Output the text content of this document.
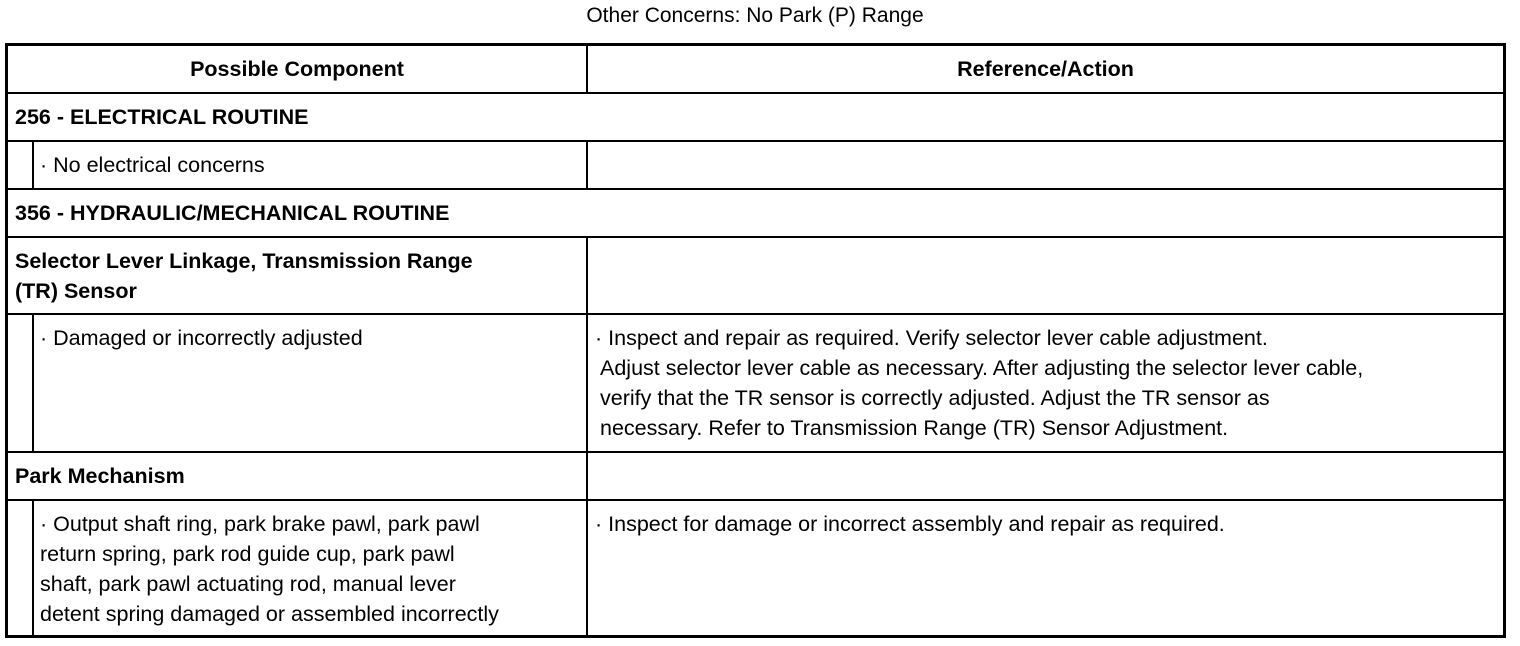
Other Concerns: No Park (P) Range
Possible Component	Reference/Action
256 - ELECTRICAL ROUTINE
· No electrical concerns
356 - HYDRAULIC/MECHANICAL ROUTINE
Selector Lever Linkage, Transmission Range
(TR) Sensor
· Damaged or incorrectly adjusted	· Inspect and repair as required. Verify selector lever cable adjustment.
Adjust selector lever cable as necessary. After adjusting the selector lever cable,
verify that the TR sensor is correctly adjusted. Adjust the TR sensor as
necessary. Refer to Transmission Range (TR) Sensor Adjustment.
Park Mechanism
· Output shaft ring, park brake pawl, park pawl
return spring, park rod guide cup, park pawl
shaft, park pawl actuating rod, manual lever
detent spring damaged or assembled incorrectly
· Inspect for damage or incorrect assembly and repair as required.
